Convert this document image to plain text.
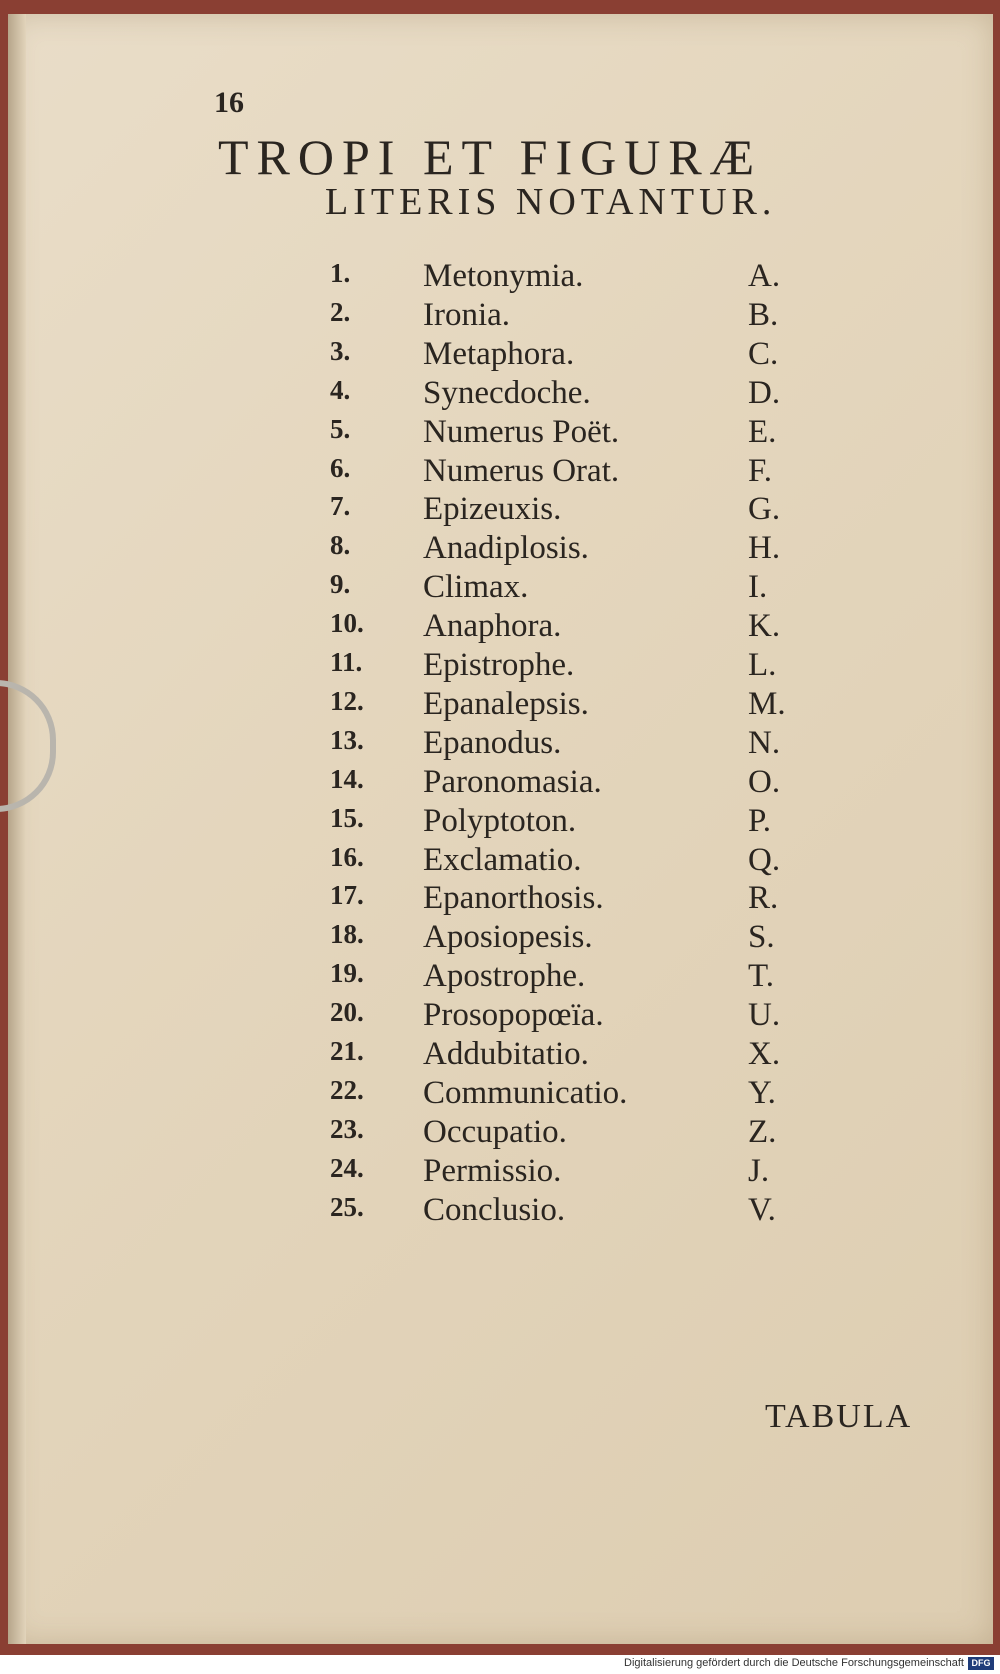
16
TROPI ET FIGURÆ
LITERIS NOTANTUR.
1. Metonymia.	A.
2. Ironia.	B.
3. Metaphora.	C.
4. Synecdoche.	D.
5. Numerus Poët.	E.
6. Numerus Orat.	F.
7. Epizeuxis.	G.
8. Anadiplosis.	H.
9. Climax.	I.
10. Anaphora.	K.
11. Epistrophe.	L.
12. Epanalepsis.	M.
13. Epanodus.	N.
14. Paronomasia.	O.
15. Polyptoton.	P.
16. Exclamatio.	Q.
17. Epanorthosis.	R.
18. Aposiopesis.	S.
19. Apostrophe.	T.
20. Prosopopœïa.	U.
21. Addubitatio.	X.
22. Communicatio.	Y.
23. Occupatio.	Z.
24. Permissio.	J.
25. Conclusio.	V.
TABULA
Digitalisierung gefördert durch die Deutsche Forschungsgemeinschaft DFG
